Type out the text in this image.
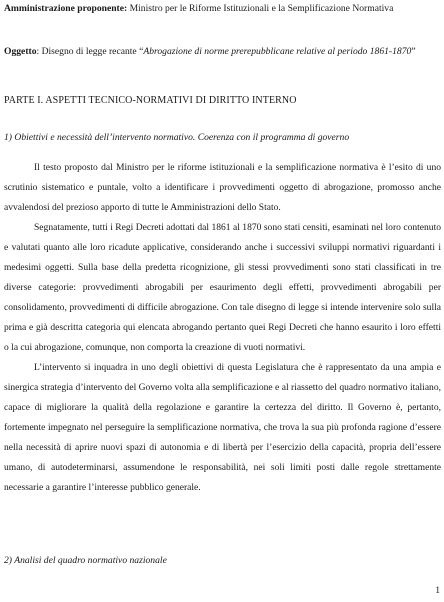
Amministrazione proponente: Ministro per le Riforme Istituzionali e la Semplificazione Normativa
Oggetto: Disegno di legge recante “Abrogazione di norme prerepubblicane relative al periodo 1861-1870”
PARTE I. ASPETTI TECNICO-NORMATIVI DI DIRITTO INTERNO
1) Obiettivi e necessità dell’intervento normativo. Coerenza con il programma di governo

Il testo proposto dal Ministro per le riforme istituzionali e la semplificazione normativa è l’esito di uno scrutinio sistematico e puntale, volto a identificare i provvedimenti oggetto di abrogazione, promosso anche avvalendosi del prezioso apporto di tutte le Amministrazioni dello Stato.

Segnatamente, tutti i Regi Decreti adottati dal 1861 al 1870 sono stati censiti, esaminati nel loro contenuto e valutati quanto alle loro ricadute applicative, considerando anche i successivi sviluppi normativi riguardanti i medesimi oggetti. Sulla base della predetta ricognizione, gli stessi provvedimenti sono stati classificati in tre diverse categorie: provvedimenti abrogabili per esaurimento degli effetti, provvedimenti abrogabili per consolidamento, provvedimenti di difficile abrogazione. Con tale disegno di legge si intende intervenire solo sulla prima e già descritta categoria qui elencata abrogando pertanto quei Regi Decreti che hanno esaurito i loro effetti o la cui abrogazione, comunque, non comporta la creazione di vuoti normativi.

L’intervento si inquadra in uno degli obiettivi di questa Legislatura che è rappresentato da una ampia e sinergica strategia d’intervento del Governo volta alla semplificazione e al riassetto del quadro normativo italiano, capace di migliorare la qualità della regolazione e garantire la certezza del diritto. Il Governo è, pertanto, fortemente impegnato nel perseguire la semplificazione normativa, che trova la sua più profonda ragione d’essere nella necessità di aprire nuovi spazi di autonomia e di libertà per l’esercizio della capacità, propria dell’essere umano, di autodeterminarsi, assumendone le responsabilità, nei soli limiti posti dalle regole strettamente necessarie a garantire l’interesse pubblico generale.

2) Analisi del quadro normativo nazionale
1
